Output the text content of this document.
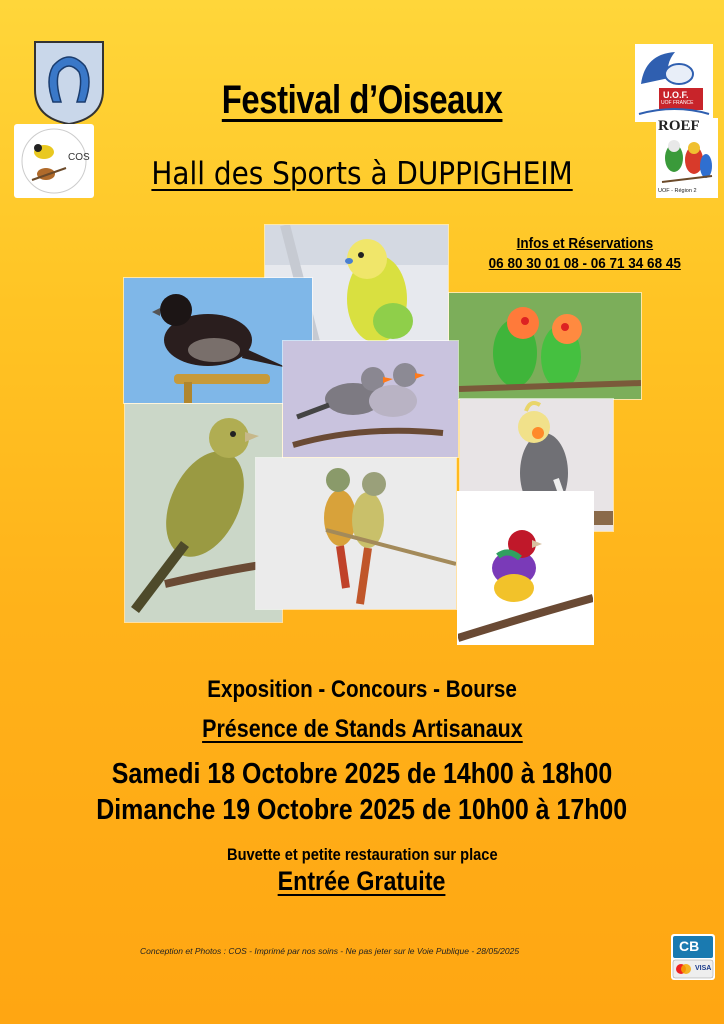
COS
U.O.F.
UOF FRANCE
ROEF
UOF - Région 2
Festival d’Oiseaux
Hall des Sports à DUPPIGHEIM
Infos et Réservations
06 80 30 01 08 - 06 71 34 68 45
Exposition - Concours - Bourse
Présence de Stands Artisanaux
Samedi 18 Octobre 2025 de 14h00 à 18h00
Dimanche 19 Octobre 2025 de 10h00 à 17h00
Buvette et petite restauration sur place
Entrée Gratuite
Conception et Photos : COS - Imprimé par nos soins - Ne pas jeter sur le Voie Publique - 28/05/2025	CB
VISA
